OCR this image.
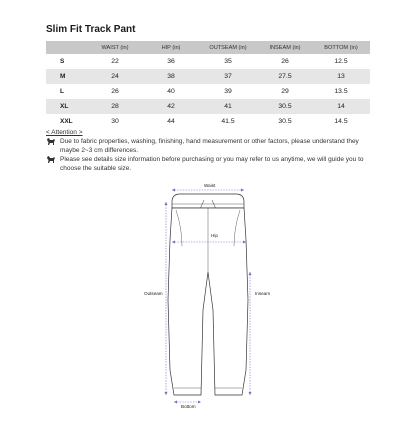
Slim Fit Track Pant
	WAIST (in)	HIP (in)	OUTSEAM (in)	INSEAM (in)	BOTTOM (in)
S	22	36	35	26	12.5
M	24	38	37	27.5	13
L	26	40	39	29	13.5
XL	28	42	41	30.5	14
XXL	30	44	41.5	30.5	14.5
< Attention >
Due to fabric properties, washing, finishing, hand measurement or other factors, please understand they maybe 2~3 cm differences.
Please see details size information before purchasing or you may refer to us anytime, we will guide you to choose the suitable size.
Waist
Hip
Outseam	Inseam
Bottom
